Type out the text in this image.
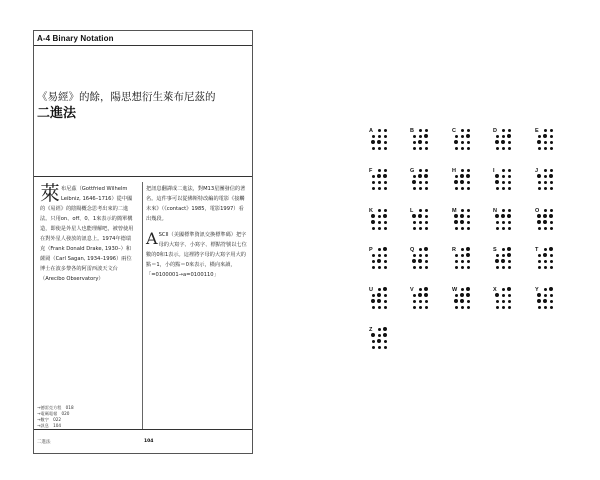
A-4 Binary Notation
《易經》的餘，陽思想衍生萊布尼茲的
二進法
萊 布尼茲（Gottfried Wilhelm Leibniz, 1646–1716）從中國的《易經》的陰陽概念思考出來的二進法。只用on、off、0、1來表示的簡單構造，即使是外星人也能理解吧，被曾使用在對外星人發放的訊息上。1974年德瑞克（Frank Donald Drake, 1930–）和薩岡（Carl Sagan, 1934–1996）兩位博士在波多黎各的阿雷西波天文台（Arecibo Observatory）
把訊息翻譯成二進法，對M13星團發信的著名。這件事可以從佛斯特改編的電影《接觸未來》（《contact》1985，電影1997）看出幾段。
A SCII（美國標準資訊交換標準碼）把字母的大寫字、小寫字、標點符號以七位數的0和1表示。這裡將字母的大寫字用大的點＝1，小的點＝0來表示，橫向來讀，「=0100001→a=0100110」
→德雷克方程　018
→電碼電報　020
→數字　022
→訊息　104
二進法	104
A	B	C	D	E
F	G	H	I	J
K	L	M	N	O
P	Q	R	S	T
U	V	W	X	Y
Z
